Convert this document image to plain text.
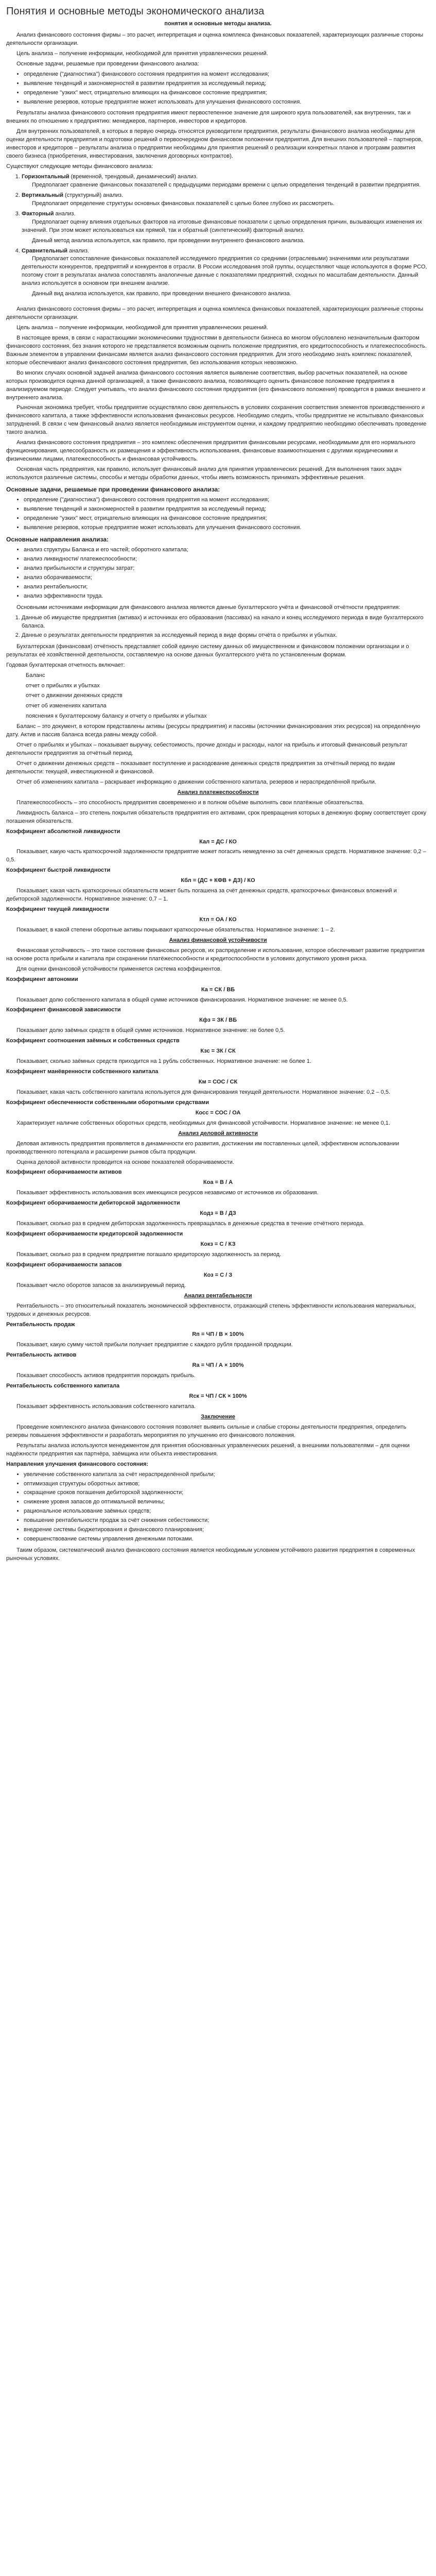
Понятия и основные методы экономического анализа
понятия и основные методы анализа.

Анализ финансового состояния фирмы – это расчет, интерпретация и оценка комплекса финансовых показателей, характеризующих различные стороны деятельности организации.

Цель анализа – получение информации, необходимой для принятия управленческих решений.

Основные задачи, решаемые при проведении финансового анализа:

• определение ("диагностика") финансового состояния предприятия на момент исследования;
• выявление тенденций и закономерностей в развитии предприятия за исследуемый период;
• определение "узких" мест, отрицательно влияющих на финансовое состояние предприятия;
• выявление резервов, которые предприятие может использовать для улучшения финансового состояния.

Результаты анализа финансового состояния предприятия имеют первостепенное значение для широкого круга пользователей, как внутренних, так и внешних по отношению к предприятию: менеджеров, партнеров, инвесторов и кредиторов.

Для внутренних пользователей, в которых в первую очередь относятся руководители предприятия, результаты финансового анализа необходимы для оценки деятельности предприятия и подготовки решений о первоочередном финансовом положении предприятия. Для внешних пользователей – партнеров, инвесторов и кредиторов – результаты анализа о предприятии необходимы для принятия решений о реализации конкретных планов и программ развития своего бизнеса (приобретения, инвестирования, заключения договорных контрактов).

Существуют следующие методы финансового анализа:

1. Горизонтальный (временной, трендовый, динамический) анализ.

Предполагает сравнение финансовых показателей с предыдущими периодами времени с целью определения тенденций в развитии предприятия.

2. Вертикальный (структурный) анализ.

Предполагает определение структуры основных финансовых показателей с целью более глубоко их рассмотреть.

3. Факторный анализ.

Предполагает оценку влияния отдельных факторов на итоговые финансовые показатели с целью определения причин, вызывающих изменения их значений. При этом может использоваться как прямой, так и обратный (синтетический) факторный анализ.

Данный метод анализа используется, как правило, при проведении внутреннего финансового анализа.

4. Сравнительный анализ.

Предполагает сопоставление финансовых показателей исследуемого предприятия со средними (отраслевыми) значениями или результатами деятельности конкурентов, предприятий и конкурентов в отрасли. В России исследования этой группы, осуществляют чаще используются в форме РСО, поэтому стоит в результатах анализа сопоставлять аналогичные данные с показателями предприятий, сходных по масштабам деятельности. Данный анализ используется в основном при внешнем анализе.

Данный вид анализа используется, как правило, при проведении внешнего финансового анализа.

Анализ финансового состояния фирмы – это расчет, интерпретация и оценка комплекса финансовых показателей, характеризующих различные стороны деятельности организации.

Цель анализа – получение информации, необходимой для принятия управленческих решений.

В настоящее время, в связи с нарастающими экономическими трудностями в деятельности бизнеса во многом обусловлено незначительным фактором финансового состояния, без знания которого не представляется возможным оценить положение предприятия, его кредитоспособность и платежеспособность. Важным элементом в управлении финансами является анализ финансового состояния предприятия. Для этого необходимо знать комплекс показателей, которые обеспечивают анализ финансового состояния предприятия, без использования которых невозможно.

Во многих случаях основной задачей анализа финансового состояния является выявление соответствия, выбор расчетных показателей, на основе которых производится оценка данной организацией, а также финансового анализа, позволяющего оценить финансовое положение предприятия в анализируемом периоде. Следует учитывать, что анализ финансового состояния предприятия (его финансового положения) проводится в рамках внешнего и внутреннего анализа.

Рыночная экономика требует, чтобы предприятие осуществляло свою деятельность в условиях сохранения соответствия элементов производственного и финансового капитала, а также эффективности использования финансовых ресурсов. Необходимо следить, чтобы предприятие не испытывало финансовых затруднений. В связи с чем финансовый анализ является необходимым инструментом оценки, и каждому предприятию необходимо обеспечивать проведение такого анализа.

Анализ финансового состояния предприятия – это комплекс обеспечения предприятия финансовыми ресурсами, необходимыми для его нормального функционирования, целесообразность их размещения и эффективность использования, финансовые взаимоотношения с другими юридическими и физическими лицами, платежеспособность и финансовая устойчивость.

Основная часть предприятия, как правило, использует финансовый анализ для принятия управленческих решений. Для выполнения таких задач используются различные системы, способы и методы обработки данных, чтобы иметь возможность принимать эффективные решения.

Основные задачи, решаемые при проведении финансового анализа:
• определение ("диагностика") финансового состояния предприятия на момент исследования;
• выявление тенденций и закономерностей в развитии предприятия за исследуемый период;
• определение "узких" мест, отрицательно влияющих на финансовое состояние предприятия;
• выявление резервов, которые предприятие может использовать для улучшения финансового состояния.
Основные направления анализа:
• анализ структуры Баланса и его частей; оборотного капитала;
• анализ ликвидности/ платежеспособности;
• анализ прибыльности и структуры затрат;
• анализ оборачиваемости;
• анализ рентабельности;
• анализ эффективности труда.

Основными источниками информации для финансового анализа являются данные бухгалтерского учёта и финансовой отчётности предприятия:

1. Данные об имуществе предприятия (активах) и источниках его образования (пассивах) на начало и конец исследуемого периода в виде бухгалтерского баланса.
2. Данные о результатах деятельности предприятия за исследуемый период в виде формы отчёта о прибылях и убытках.

Бухгалтерская (финансовая) отчётность представляет собой единую систему данных об имущественном и финансовом положении организации и о результатах её хозяйственной деятельности, составляемую на основе данных бухгалтерского учёта по установленным формам.

Годовая бухгалтерская отчетность включает:

Баланс

отчет о прибылях и убытках

отчет о движении денежных средств

отчет об изменениях капитала

пояснения к бухгалтерскому балансу и отчету о прибылях и убытках

Баланс – это документ, в котором представлены активы (ресурсы предприятия) и пассивы (источники финансирования этих ресурсов) на определённую дату. Актив и пассив баланса всегда равны между собой.

Отчет о прибылях и убытках – показывает выручку, себестоимость, прочие доходы и расходы, налог на прибыль и итоговый финансовый результат деятельности предприятия за отчётный период.

Отчет о движении денежных средств – показывает поступление и расходование денежных средств предприятия за отчётный период по видам деятельности: текущей, инвестиционной и финансовой.

Отчет об изменениях капитала – раскрывает информацию о движении собственного капитала, резервов и нераспределённой прибыли.

Анализ платежеспособности

Платежеспособность – это способность предприятия своевременно и в полном объёме выполнять свои платёжные обязательства.

Ликвидность баланса – это степень покрытия обязательств предприятия его активами, срок превращения которых в денежную форму соответствует сроку погашения обязательств.

Коэффициент абсолютной ликвидности

Кал = ДС / КО

Показывает, какую часть краткосрочной задолженности предприятие может погасить немедленно за счёт денежных средств. Нормативное значение: 0,2 – 0,5.

Коэффициент быстрой ликвидности

Кбл = (ДС + КФВ + ДЗ) / КО

Показывает, какая часть краткосрочных обязательств может быть погашена за счёт денежных средств, краткосрочных финансовых вложений и дебиторской задолженности. Нормативное значение: 0,7 – 1.

Коэффициент текущей ликвидности

Ктл = ОА / КО

Показывает, в какой степени оборотные активы покрывают краткосрочные обязательства. Нормативное значение: 1 – 2.

Анализ финансовой устойчивости

Финансовая устойчивость – это такое состояние финансовых ресурсов, их распределение и использование, которое обеспечивает развитие предприятия на основе роста прибыли и капитала при сохранении платёжеспособности и кредитоспособности в условиях допустимого уровня риска.

Для оценки финансовой устойчивости применяется система коэффициентов.

Коэффициент автономии

Ка = СК / ВБ

Показывает долю собственного капитала в общей сумме источников финансирования. Нормативное значение: не менее 0,5.

Коэффициент финансовой зависимости

Кфз = ЗК / ВБ

Показывает долю заёмных средств в общей сумме источников. Нормативное значение: не более 0,5.

Коэффициент соотношения заёмных и собственных средств

Кзс = ЗК / СК

Показывает, сколько заёмных средств приходится на 1 рубль собственных. Нормативное значение: не более 1.

Коэффициент манёвренности собственного капитала

Км = СОС / СК

Показывает, какая часть собственного капитала используется для финансирования текущей деятельности. Нормативное значение: 0,2 – 0,5.

Коэффициент обеспеченности собственными оборотными средствами

Косс = СОС / ОА

Характеризует наличие собственных оборотных средств, необходимых для финансовой устойчивости. Нормативное значение: не менее 0,1.

Анализ деловой активности

Деловая активность предприятия проявляется в динамичности его развития, достижении им поставленных целей, эффективном использовании производственного потенциала и расширении рынков сбыта продукции.

Оценка деловой активности проводится на основе показателей оборачиваемости.

Коэффициент оборачиваемости активов

Коа = В / А

Показывает эффективность использования всех имеющихся ресурсов независимо от источников их образования.

Коэффициент оборачиваемости дебиторской задолженности

Кодз = В / ДЗ

Показывает, сколько раз в среднем дебиторская задолженность превращалась в денежные средства в течение отчётного периода.

Коэффициент оборачиваемости кредиторской задолженности

Кокз = С / КЗ

Показывает, сколько раз в среднем предприятие погашало кредиторскую задолженность за период.

Коэффициент оборачиваемости запасов

Коз = С / З

Показывает число оборотов запасов за анализируемый период.

Анализ рентабельности

Рентабельность – это относительный показатель экономической эффективности, отражающий степень эффективности использования материальных, трудовых и денежных ресурсов.

Рентабельность продаж

Rп = ЧП / В × 100%

Показывает, какую сумму чистой прибыли получает предприятие с каждого рубля проданной продукции.

Рентабельность активов

Rа = ЧП / А × 100%

Показывает способность активов предприятия порождать прибыль.

Рентабельность собственного капитала

Rск = ЧП / СК × 100%

Показывает эффективность использования собственного капитала.

Заключение

Проведение комплексного анализа финансового состояния позволяет выявить сильные и слабые стороны деятельности предприятия, определить резервы повышения эффективности и разработать мероприятия по улучшению его финансового положения.

Результаты анализа используются менеджментом для принятия обоснованных управленческих решений, а внешними пользователями – для оценки надёжности предприятия как партнёра, заёмщика или объекта инвестирования.

Направления улучшения финансового состояния:

• увеличение собственного капитала за счёт нераспределённой прибыли;
• оптимизация структуры оборотных активов;
• сокращение сроков погашения дебиторской задолженности;
• снижение уровня запасов до оптимальной величины;
• рациональное использование заёмных средств;
• повышение рентабельности продаж за счёт снижения себестоимости;
• внедрение системы бюджетирования и финансового планирования;
• совершенствование системы управления денежными потоками.

Таким образом, систематический анализ финансового состояния является необходимым условием устойчивого развития предприятия в современных рыночных условиях.
